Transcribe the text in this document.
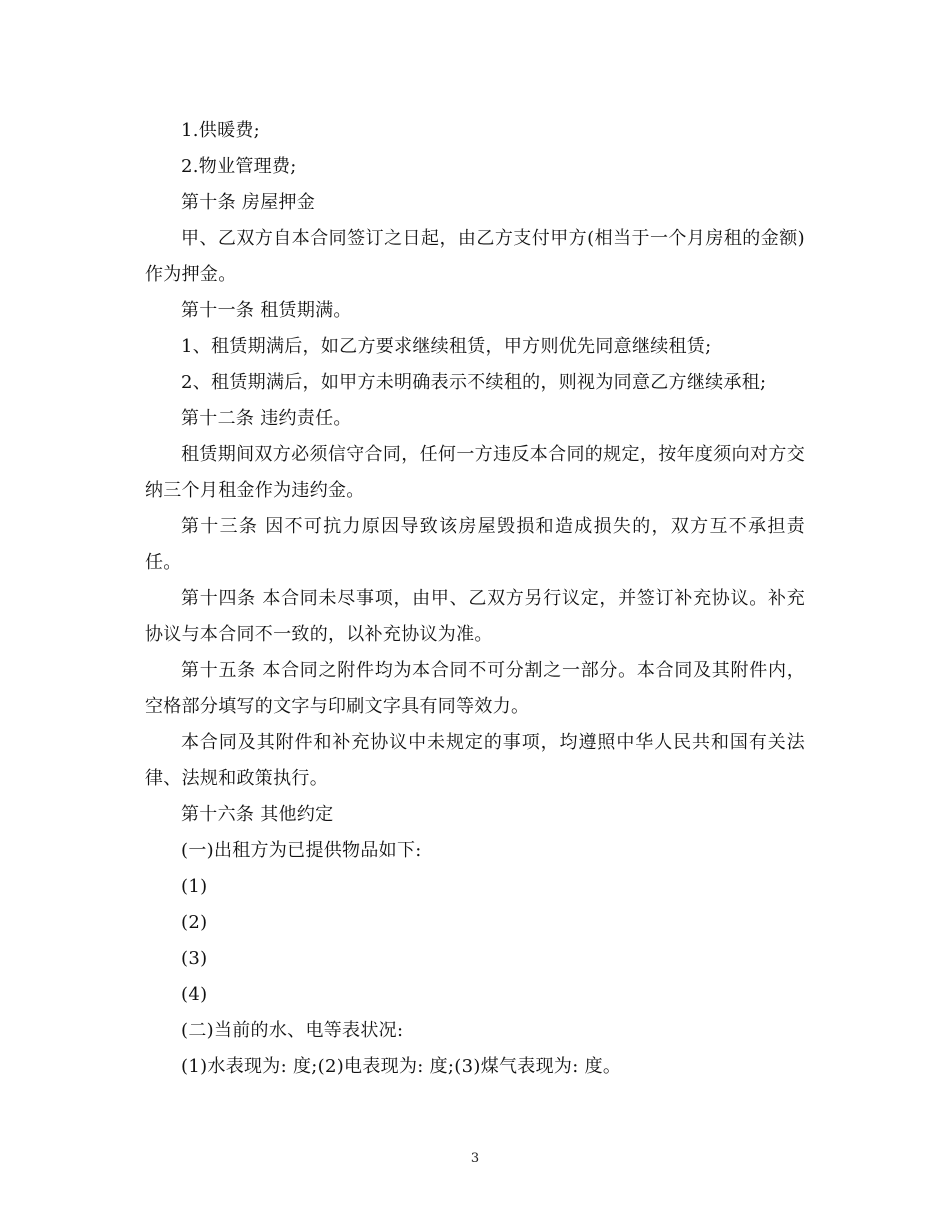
1.供暖费;

2.物业管理费;

第十条 房屋押金

甲、乙双方自本合同签订之日起，由乙方支付甲方(相当于一个月房租的金额)作为押金。

第十一条 租赁期满。

1、租赁期满后，如乙方要求继续租赁，甲方则优先同意继续租赁;

2、租赁期满后，如甲方未明确表示不续租的，则视为同意乙方继续承租;

第十二条 违约责任。

租赁期间双方必须信守合同，任何一方违反本合同的规定，按年度须向对方交纳三个月租金作为违约金。

第十三条 因不可抗力原因导致该房屋毁损和造成损失的，双方互不承担责任。

第十四条 本合同未尽事项，由甲、乙双方另行议定，并签订补充协议。补充协议与本合同不一致的，以补充协议为准。

第十五条 本合同之附件均为本合同不可分割之一部分。本合同及其附件内，空格部分填写的文字与印刷文字具有同等效力。

本合同及其附件和补充协议中未规定的事项，均遵照中华人民共和国有关法律、法规和政策执行。

第十六条 其他约定

(一)出租方为已提供物品如下:

(1)

(2)

(3)

(4)

(二)当前的水、电等表状况:

(1)水表现为: 度;(2)电表现为: 度;(3)煤气表现为: 度。

3
